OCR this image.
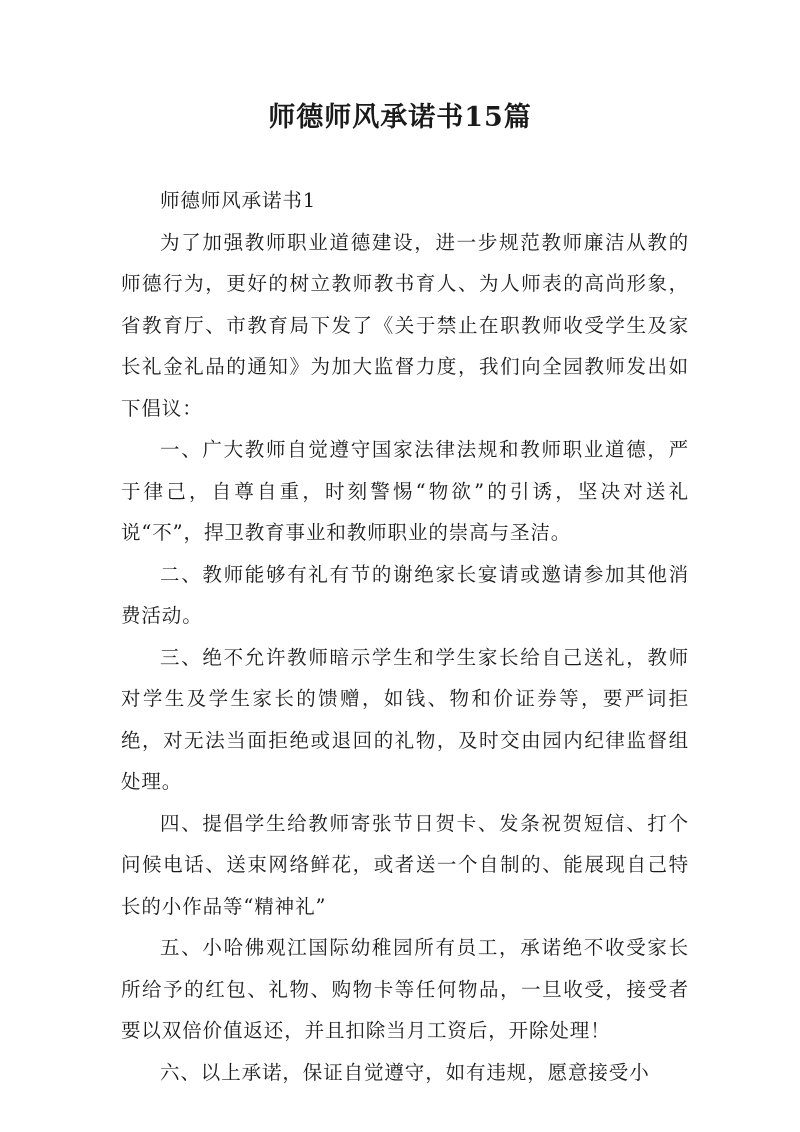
师德师风承诺书15篇

师德师风承诺书1

为了加强教师职业道德建设，进一步规范教师廉洁从教的师德行为，更好的树立教师教书育人、为人师表的高尚形象，省教育厅、市教育局下发了《关于禁止在职教师收受学生及家长礼金礼品的通知》为加大监督力度，我们向全园教师发出如下倡议：

一、广大教师自觉遵守国家法律法规和教师职业道德，严于律己，自尊自重，时刻警惕“物欲”的引诱，坚决对送礼说“不”，捍卫教育事业和教师职业的崇高与圣洁。

二、教师能够有礼有节的谢绝家长宴请或邀请参加其他消费活动。

三、绝不允许教师暗示学生和学生家长给自己送礼，教师对学生及学生家长的馈赠，如钱、物和价证券等，要严词拒绝，对无法当面拒绝或退回的礼物，及时交由园内纪律监督组处理。

四、提倡学生给教师寄张节日贺卡、发条祝贺短信、打个问候电话、送束网络鲜花，或者送一个自制的、能展现自己特长的小作品等“精神礼”

五、小哈佛观江国际幼稚园所有员工，承诺绝不收受家长所给予的红包、礼物、购物卡等任何物品，一旦收受，接受者要以双倍价值返还，并且扣除当月工资后，开除处理！

六、以上承诺，保证自觉遵守，如有违规，愿意接受小
